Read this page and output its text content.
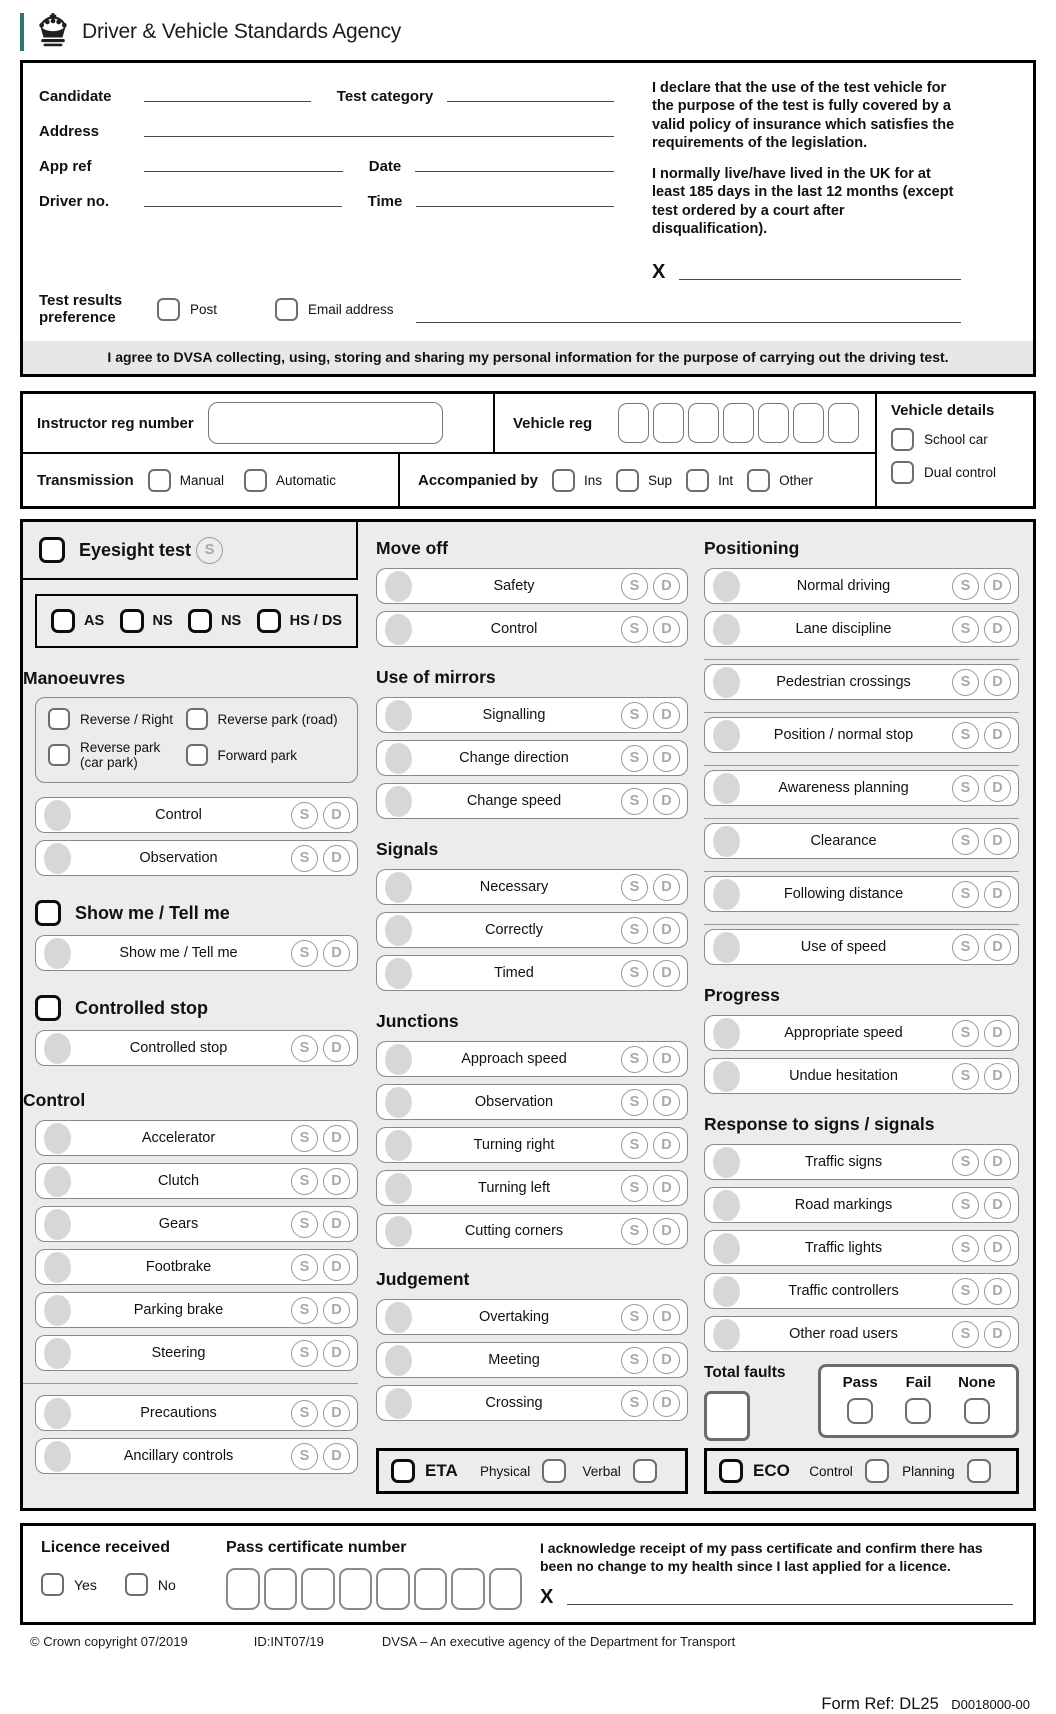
Driver & Vehicle Standards Agency
Candidate	Test category
Address
App ref	Date
Driver no.	Time

I declare that the use of the test vehicle for the purpose of the test is fully covered by a valid policy of insurance which satisfies the requirements of the legislation.

I normally live/have lived in the UK for at least 185 days in the last 12 months (except test ordered by a court after disqualification).

X
Test results preference	Post	Email address
I agree to DVSA collecting, using, storing and sharing my personal information for the purpose of carrying out the driving test.
Instructor reg number	Vehicle reg
Transmission	Manual	Automatic	Accompanied by	Ins	Sup	Int	Other
Vehicle details
School car
Dual control
Eyesight test S
AS	NS	NS	HS / DS
Manoeuvres
Reverse / Right	Reverse park (road)
Reverse park (car park)
Forward park
Control	S	D
Observation	S	D
Show me / Tell me
Show me / Tell me	S	D
Controlled stop
Controlled stop	S	D
Control
Accelerator	S	D
Clutch	S	D
Gears	S	D
Footbrake	S	D
Parking brake	S	D
Steering	S	D
Precautions	S	D
Ancillary controls	S	D
Move off
Safety	S	D
Control	S	D
Use of mirrors
Signalling	S	D
Change direction	S	D
Change speed	S	D
Signals
Necessary	S	D
Correctly	S	D
Timed	S	D
Junctions
Approach speed	S	D
Observation	S	D
Turning right	S	D
Turning left	S	D
Cutting corners	S	D
Judgement
Overtaking	S	D
Meeting	S	D
Crossing	S	D
ETA Physical	Verbal
Positioning
Normal driving	S	D
Lane discipline	S	D
Pedestrian crossings	S	D
Position / normal stop	S	D
Awareness planning	S	D
Clearance	S	D
Following distance	S	D
Use of speed	S	D
Progress
Appropriate speed	S	D
Undue hesitation	S	D
Response to signs / signals
Traffic signs	S	D
Road markings	S	D
Traffic lights	S	D
Traffic controllers	S	D
Other road users	S	D
Total faults
Pass Fail None
ECO Control	Planning
Licence received
Yes	No
Pass certificate number	I acknowledge receipt of my pass certificate and confirm there has been no change to my health since I last applied for a licence.

X
© Crown copyright 07/2019	ID:INT07/19	DVSA – An executive agency of the Department for Transport
Form Ref: DL25 D0018000-00
